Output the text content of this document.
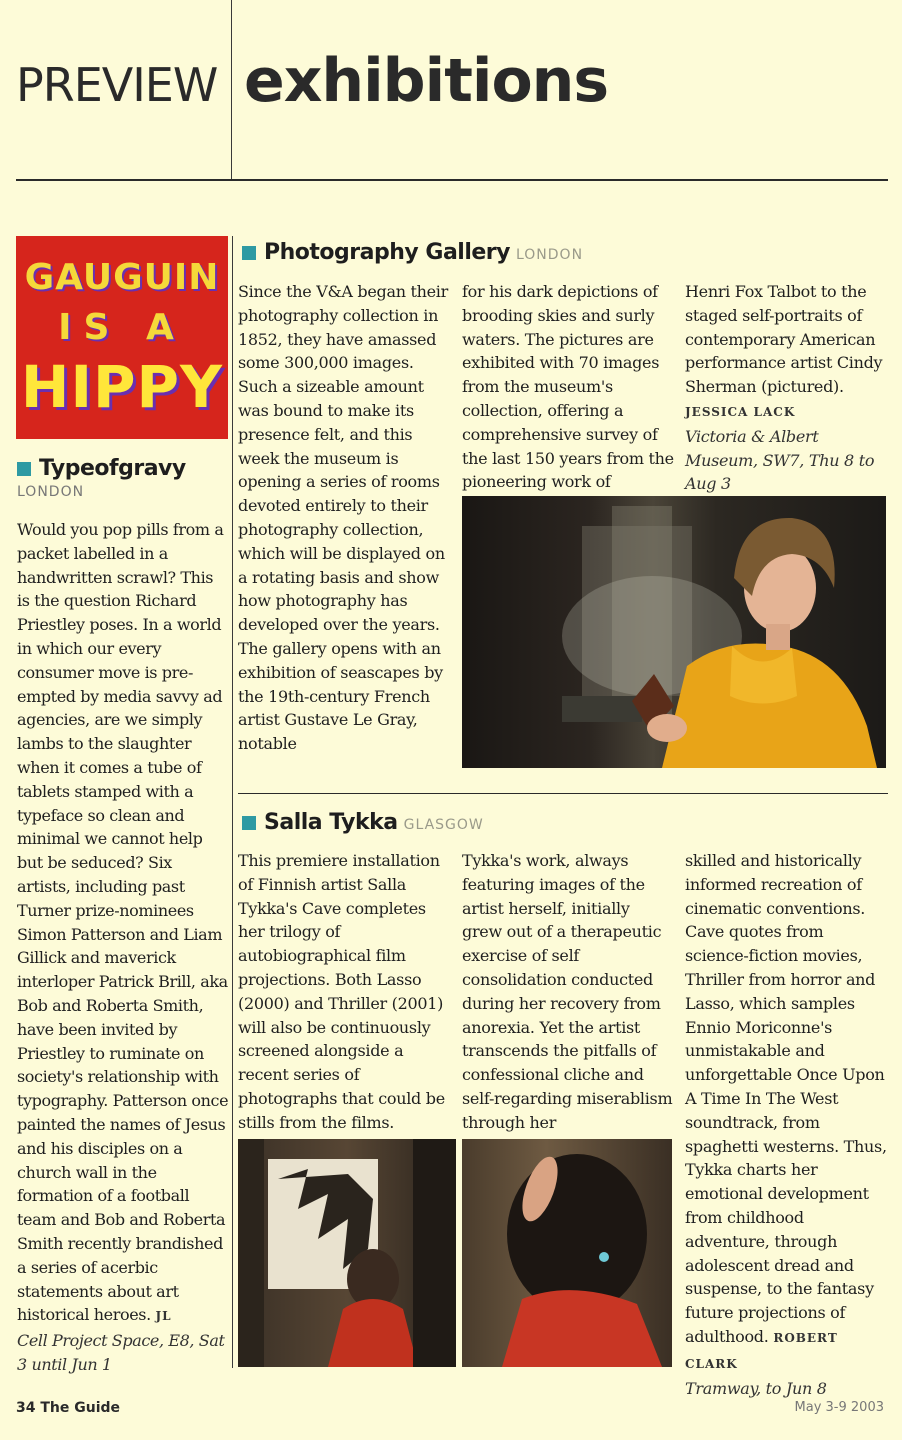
PREVIEW exhibitions
GAUGUIN
IS A
HIPPY
Typeofgravy
LONDON
Would you pop pills from a packet labelled in a handwritten scrawl? This is the question Richard Priestley poses. In a world in which our every consumer move is pre-empted by media savvy ad agencies, are we simply lambs to the slaughter when it comes a tube of tablets stamped with a typeface so clean and minimal we cannot help but be seduced? Six artists, including past Turner prize-nominees Simon Patterson and Liam Gillick and maverick interloper Patrick Brill, aka Bob and Roberta Smith, have been invited by Priestley to ruminate on society's relationship with typography. Patterson once painted the names of Jesus and his disciples on a church wall in the formation of a football team and Bob and Roberta Smith recently brandished a series of acerbic statements about art historical heroes. JL
Cell Project Space, E8, Sat 3 until Jun 1
Photography Gallery LONDON
Since the V&A began their photography collection in 1852, they have amassed some 300,000 images. Such a sizeable amount was bound to make its presence felt, and this week the museum is opening a series of rooms devoted entirely to their photography collection, which will be displayed on a rotating basis and show how photography has developed over the years. The gallery opens with an exhibition of seascapes by the 19th-century French artist Gustave Le Gray, notable
for his dark depictions of brooding skies and surly waters. The pictures are exhibited with 70 images from the museum's collection, offering a comprehensive survey of the last 150 years from the pioneering work of
Henri Fox Talbot to the staged self-portraits of contemporary American performance artist Cindy Sherman (pictured).
JESSICA LACK
Victoria & Albert Museum, SW7, Thu 8 to Aug 3
Salla Tykka GLASGOW
This premiere installation of Finnish artist Salla Tykka's Cave completes her trilogy of autobiographical film projections. Both Lasso (2000) and Thriller (2001) will also be continuously screened alongside a recent series of photographs that could be stills from the films.
Tykka's work, always featuring images of the artist herself, initially grew out of a therapeutic exercise of self consolidation conducted during her recovery from anorexia. Yet the artist transcends the pitfalls of confessional cliche and self-regarding miserablism through her
skilled and historically informed recreation of cinematic conventions. Cave quotes from science-fiction movies, Thriller from horror and Lasso, which samples Ennio Moriconne's unmistakable and unforgettable Once Upon A Time In The West soundtrack, from spaghetti westerns. Thus, Tykka charts her emotional development from childhood adventure, through adolescent dread and suspense, to the fantasy future projections of adulthood. ROBERT CLARK
Tramway, to Jun 8
34 The Guide	May 3-9 2003
